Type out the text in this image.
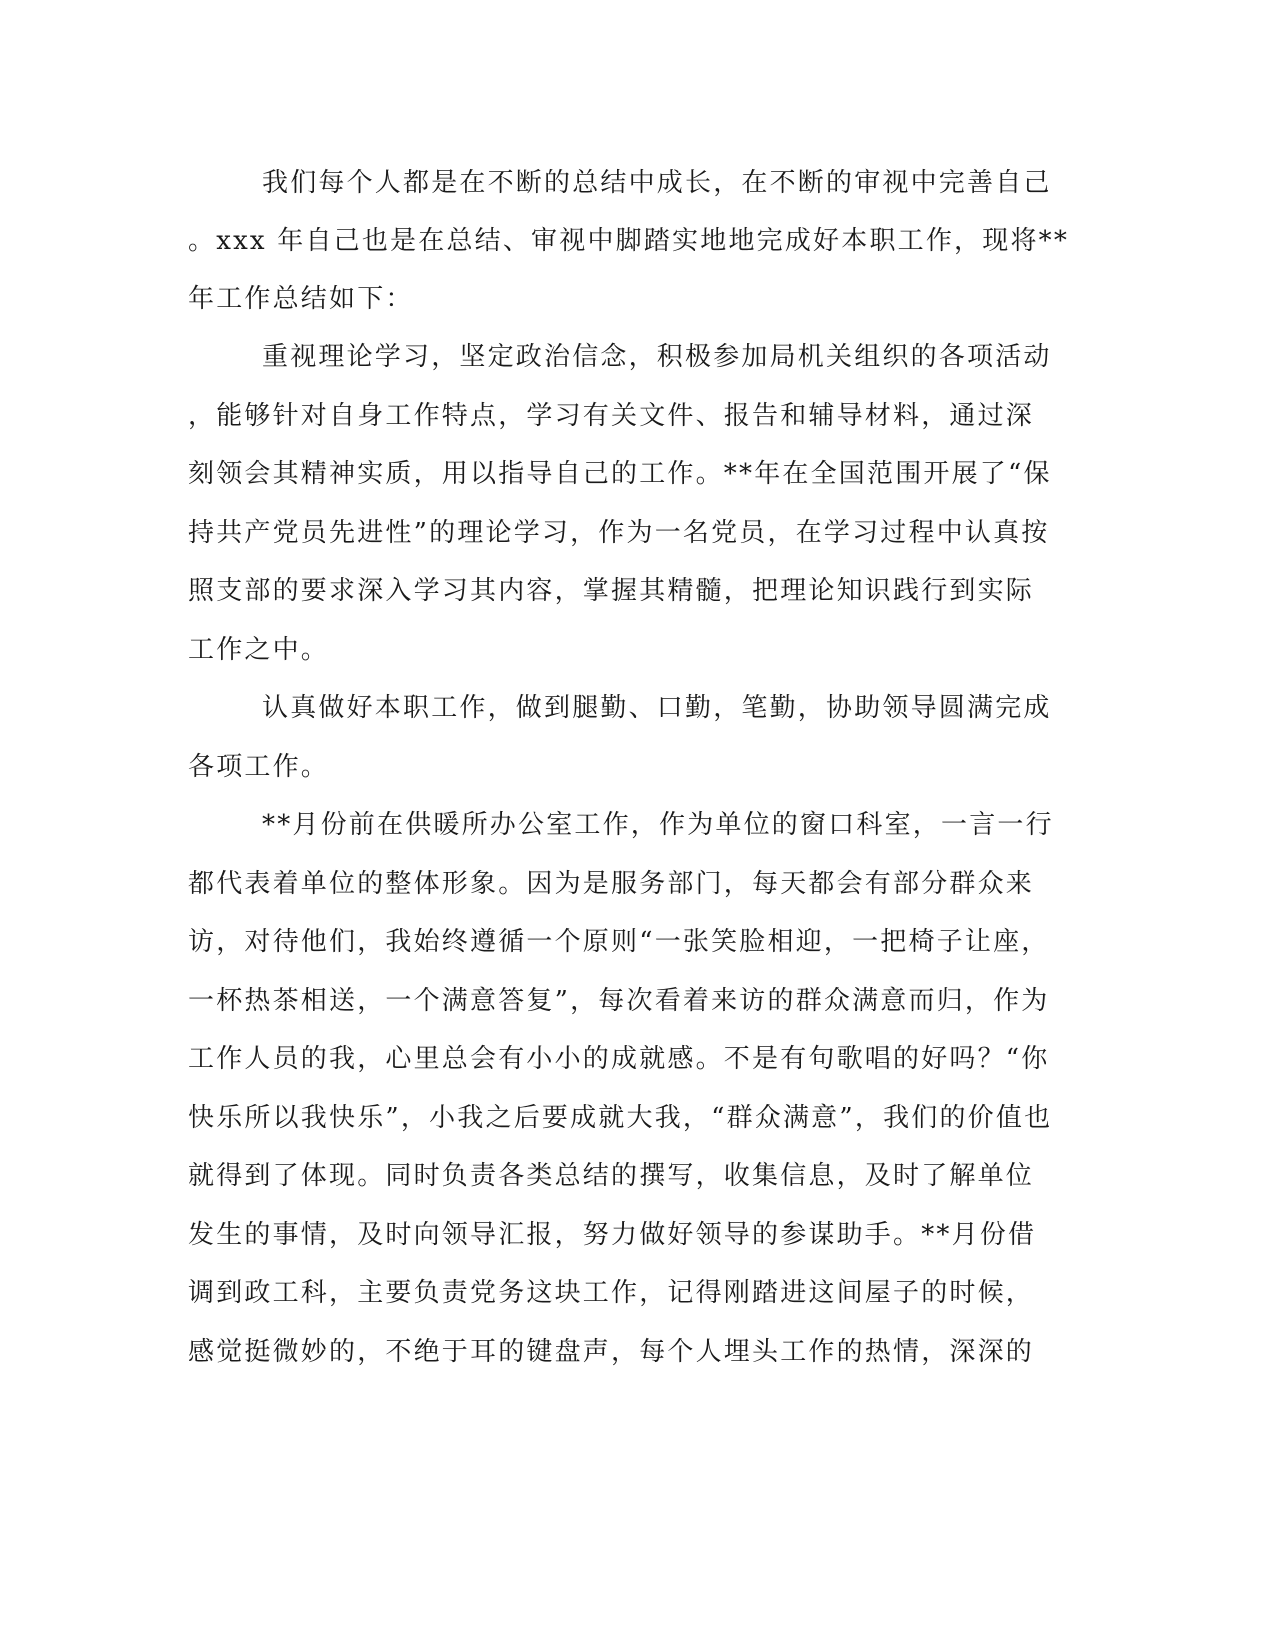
我们每个人都是在不断的总结中成长，在不断的审视中完善自己
。xxx 年自己也是在总结、审视中脚踏实地地完成好本职工作，现将**
年工作总结如下：
重视理论学习，坚定政治信念，积极参加局机关组织的各项活动
，能够针对自身工作特点，学习有关文件、报告和辅导材料，通过深
刻领会其精神实质，用以指导自己的工作。**年在全国范围开展了“保
持共产党员先进性”的理论学习，作为一名党员，在学习过程中认真按
照支部的要求深入学习其内容，掌握其精髓，把理论知识践行到实际
工作之中。
认真做好本职工作，做到腿勤、口勤，笔勤，协助领导圆满完成
各项工作。
**月份前在供暖所办公室工作，作为单位的窗口科室，一言一行
都代表着单位的整体形象。因为是服务部门，每天都会有部分群众来
访，对待他们，我始终遵循一个原则“一张笑脸相迎，一把椅子让座，
一杯热茶相送，一个满意答复”，每次看着来访的群众满意而归，作为
工作人员的我，心里总会有小小的成就感。不是有句歌唱的好吗？“你
快乐所以我快乐”，小我之后要成就大我，“群众满意”，我们的价值也
就得到了体现。同时负责各类总结的撰写，收集信息，及时了解单位
发生的事情，及时向领导汇报，努力做好领导的参谋助手。**月份借
调到政工科，主要负责党务这块工作，记得刚踏进这间屋子的时候，
感觉挺微妙的，不绝于耳的键盘声，每个人埋头工作的热情，深深的
